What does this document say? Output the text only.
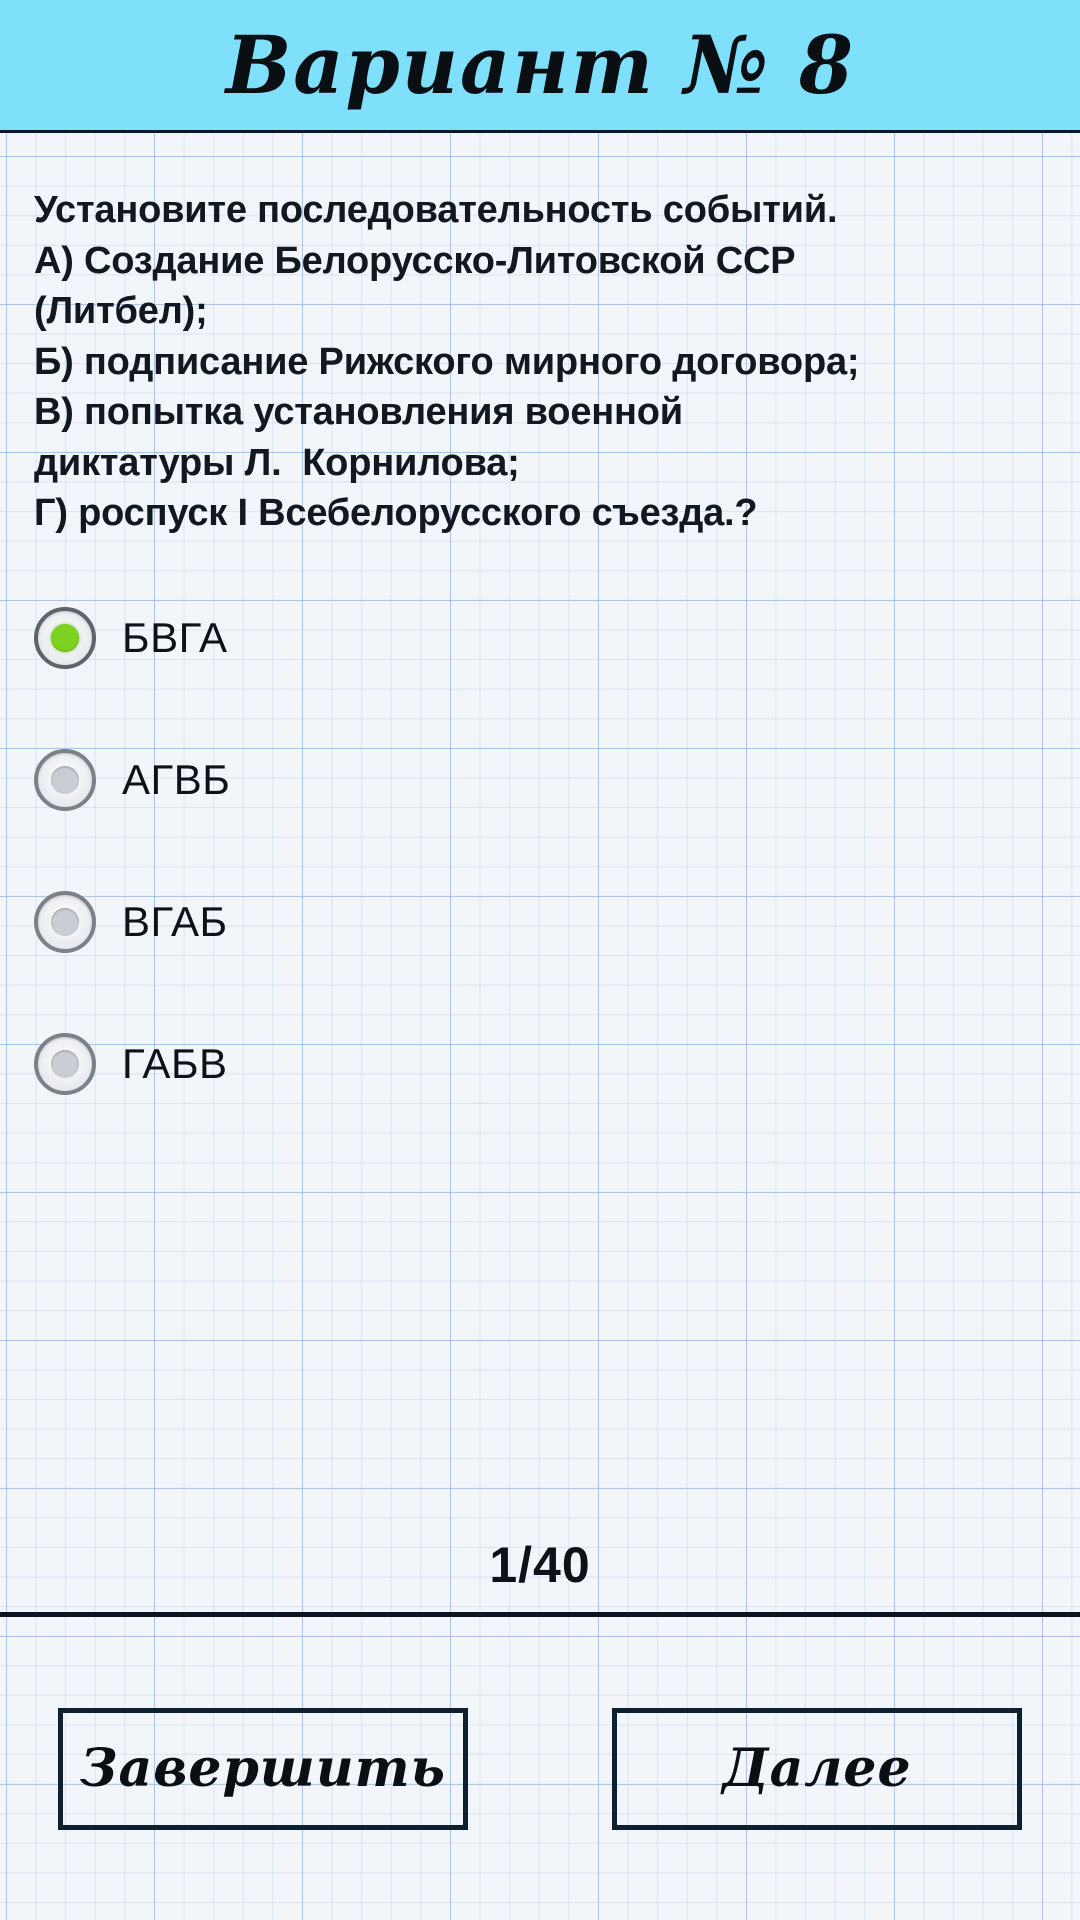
Вариант № 8
Установите последовательность событий.
А) Создание Белорусско-Литовской ССР
(Литбел);
Б) подписание Рижского мирного договора;
В) попытка установления военной
диктатуры Л.  Корнилова;
Г) роспуск I Всебелорусского съезда.?
БВГА
АГВБ
ВГАБ
ГАБВ
1/40
Завершить	Далее
